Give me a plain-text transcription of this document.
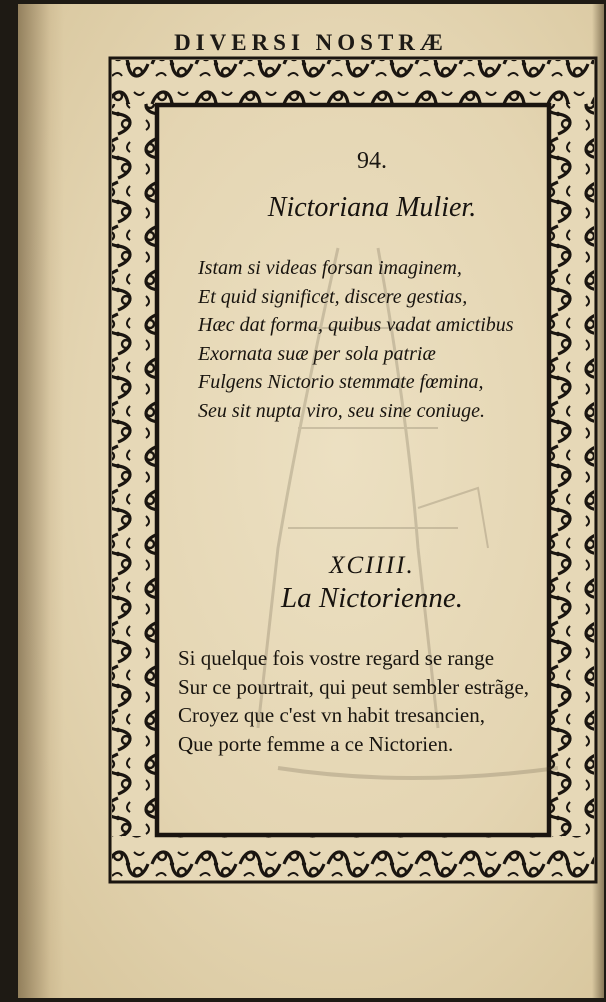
DIVERSI NOSTRÆ
94.
Nictoriana Mulier.
Istam si videas forsan imaginem,
Et quid significet, discere gestias,
Hæc dat forma, quibus vadat amictibus
Exornata suæ per sola patriæ
Fulgens Nictorio stemmate fœmina,
Seu sit nupta viro, seu sine coniuge.
XCIIII.
La Nictorienne.
Si quelque fois vostre regard se range
Sur ce pourtrait, qui peut sembler estrãge,
Croyez que c'est vn habit tresancien,
Que porte femme a ce Nictorien.
